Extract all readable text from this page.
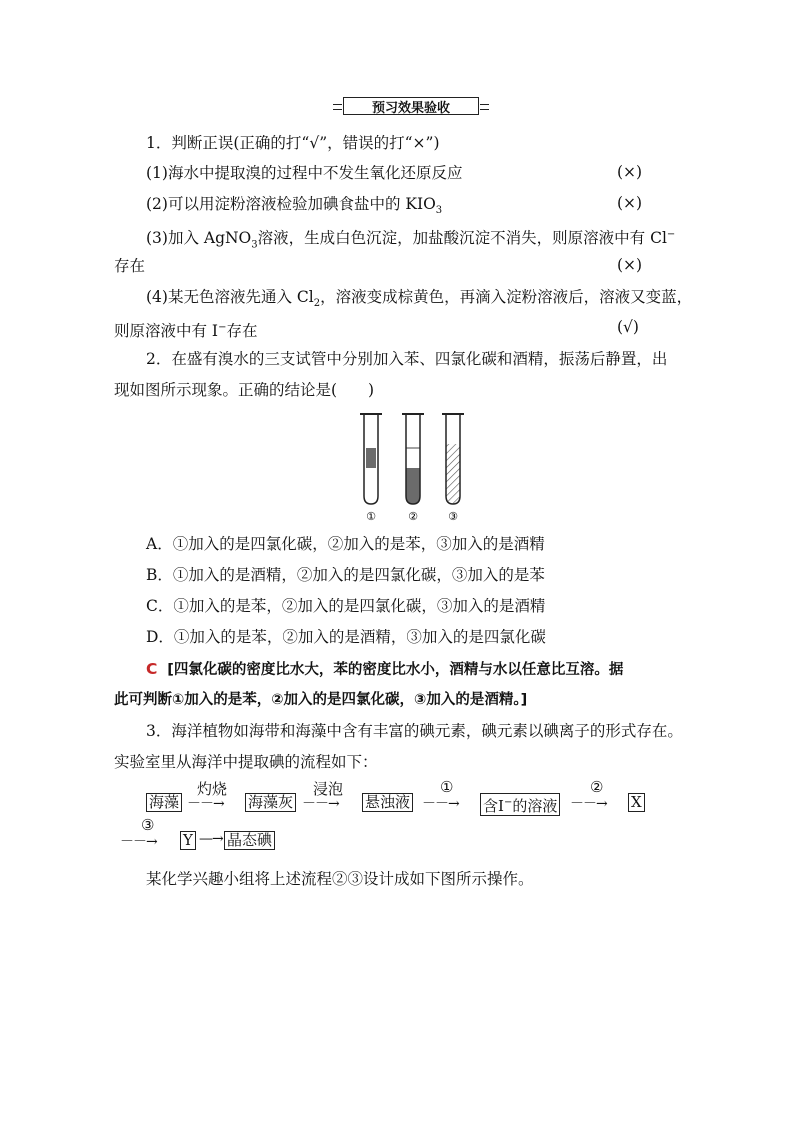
预习效果验收
1．判断正误(正确的打“√”，错误的打“×”)
(1)海水中提取溴的过程中不发生氧化还原反应	(×)
(2)可以用淀粉溶液检验加碘食盐中的 $KIO_3$	(×)
(3)加入 AgNO$_3$溶液，生成白色沉淀，加盐酸沉淀不消失，则原溶液中有 Cl−
存在	(×)
(4)某无色溶液先通入 $Cl_2$，溶液变成棕黄色，再滴入淀粉溶液后，溶液又变蓝，
则原溶液中有 I−存在	(√)
2．在盛有溴水的三支试管中分别加入苯、四氯化碳和酒精，振荡后静置，出
现如图所示现象。正确的结论是(　　)
①	②	③
A．①加入的是四氯化碳，②加入的是苯，③加入的是酒精
B．①加入的是酒精，②加入的是四氯化碳，③加入的是苯
C．①加入的是苯，②加入的是四氯化碳，③加入的是酒精
D．①加入的是苯，②加入的是酒精，③加入的是四氯化碳
C [四氯化碳的密度比水大，苯的密度比水小，酒精与水以任意比互溶。据
此可判断①加入的是苯，②加入的是四氯化碳，③加入的是酒精。]
3．海洋植物如海带和海藻中含有丰富的碘元素，碘元素以碘离子的形式存在。
实验室里从海洋中提取碘的流程如下：
海藻
灼烧
－－→ 海藻灰
浸泡
－－→ 悬浊液
①
－－→ 含I−的溶液
②
－－→ X
③
－－→ Y —→ 晶态碘
某化学兴趣小组将上述流程②③设计成如下图所示操作。
